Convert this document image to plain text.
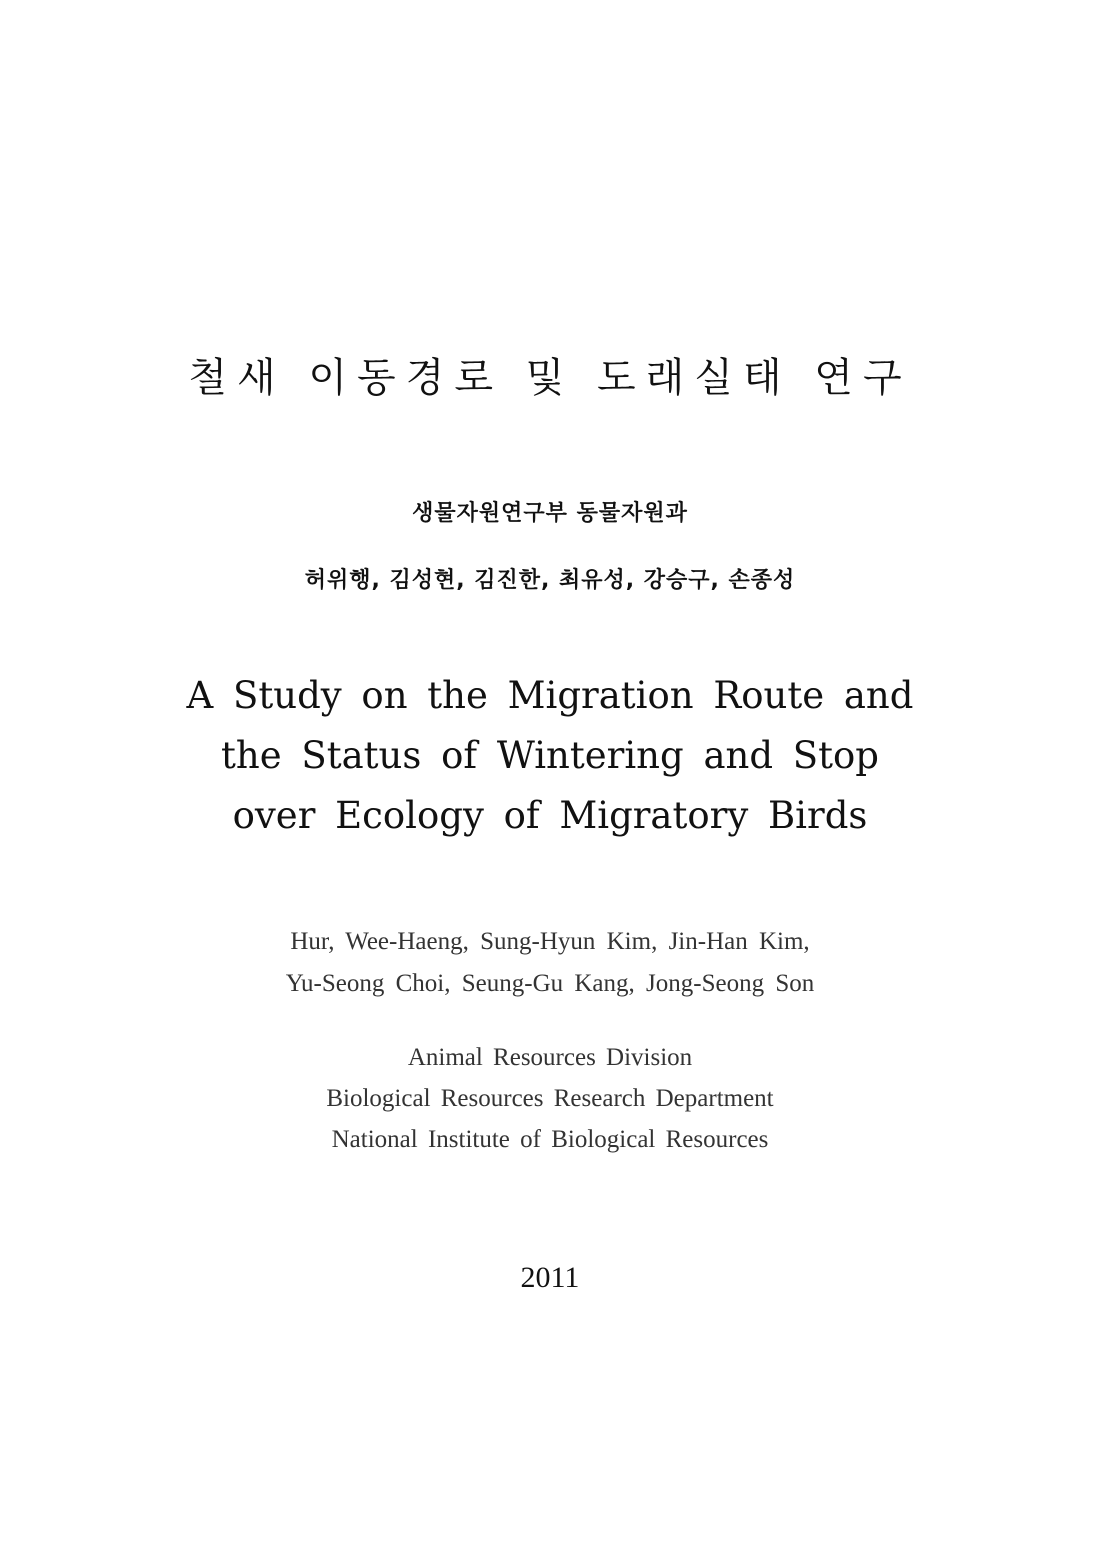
철새 이동경로 및 도래실태 연구
생물자원연구부 동물자원과
허위행, 김성현, 김진한, 최유성, 강승구, 손종성
A Study on the Migration Route and
the Status of Wintering and Stop
over Ecology of Migratory Birds
Hur, Wee-Haeng, Sung-Hyun Kim, Jin-Han Kim,
Yu-Seong Choi, Seung-Gu Kang, Jong-Seong Son
Animal Resources Division
Biological Resources Research Department
National Institute of Biological Resources
2011
